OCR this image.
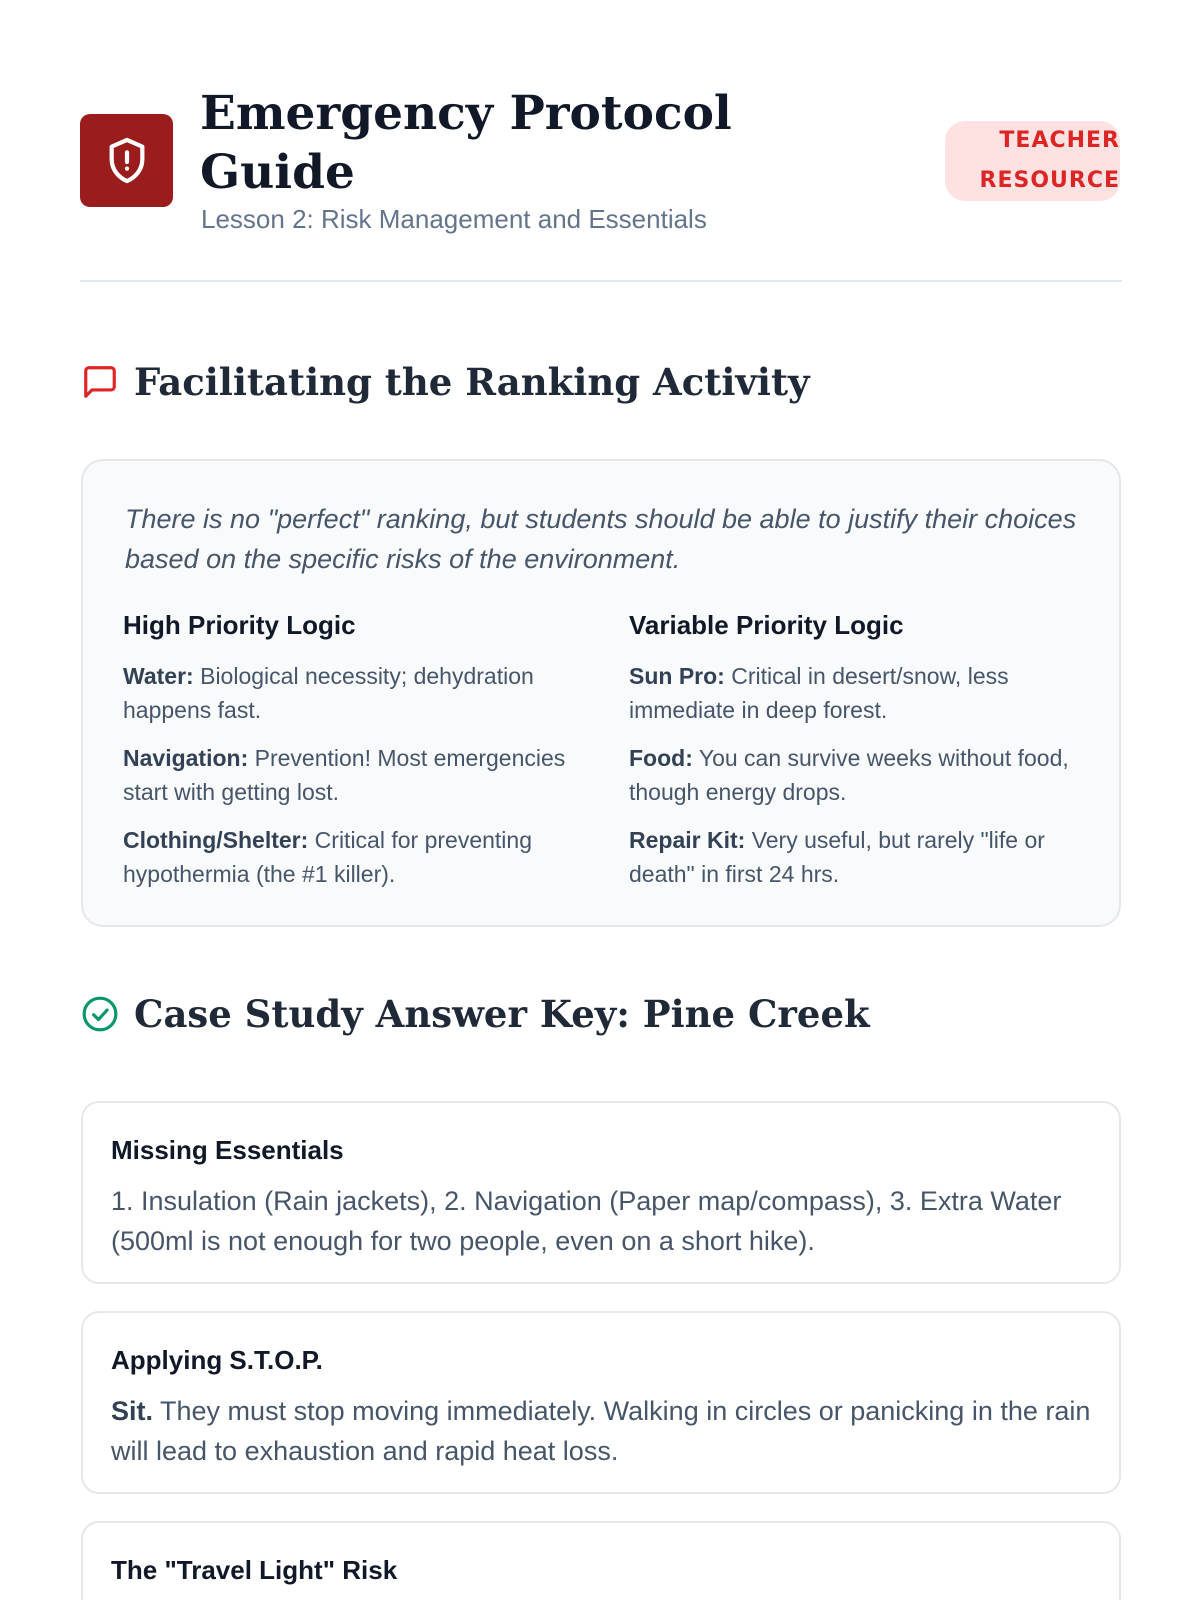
Emergency Protocol Guide

Lesson 2: Risk Management and Essentials

TEACHER RESOURCE
Facilitating the Ranking Activity

There is no "perfect" ranking, but students should be able to justify their choices based on the specific risks of the environment.

High Priority Logic

Water: Biological necessity; dehydration happens fast.

Navigation: Prevention! Most emergencies start with getting lost.

Clothing/Shelter: Critical for preventing hypothermia (the #1 killer).

Variable Priority Logic

Sun Pro: Critical in desert/snow, less immediate in deep forest.

Food: You can survive weeks without food, though energy drops.

Repair Kit: Very useful, but rarely "life or death" in first 24 hrs.

Case Study Answer Key: Pine Creek
Missing Essentials

1. Insulation (Rain jackets), 2. Navigation (Paper map/compass), 3. Extra Water (500ml is not enough for two people, even on a short hike).

Applying S.T.O.P.

Sit. They must stop moving immediately. Walking in circles or panicking in the rain will lead to exhaustion and rapid heat loss.

The "Travel Light" Risk
